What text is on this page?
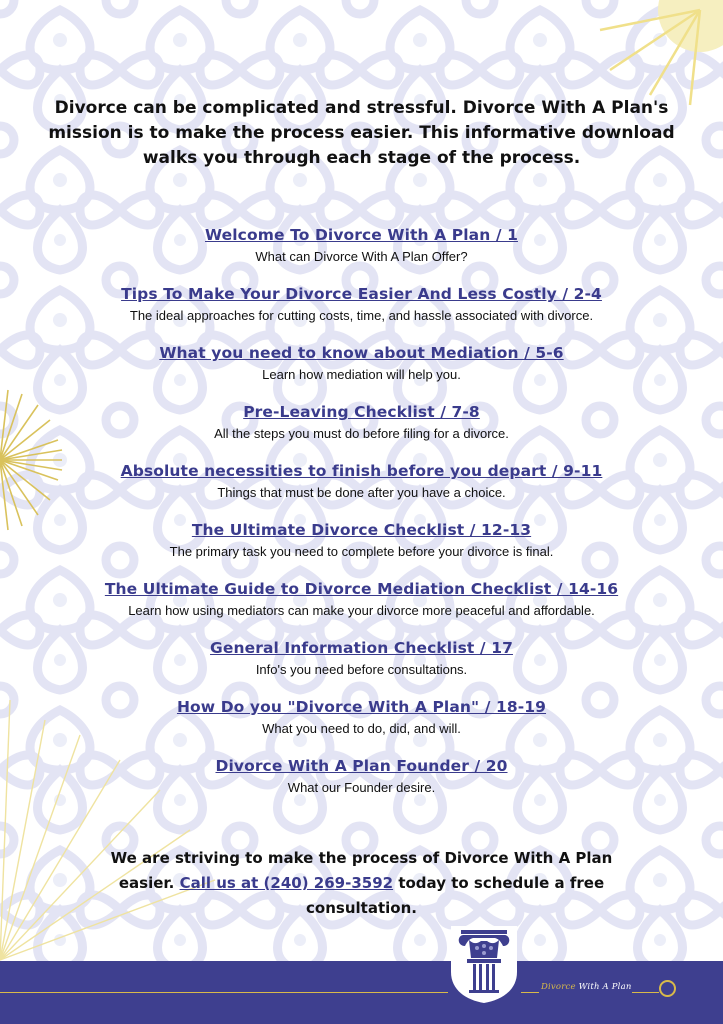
Divorce can be complicated and stressful. Divorce With A Plan's mission is to make the process easier. This informative download walks you through each stage of the process.
Welcome To Divorce With A Plan / 1
What can Divorce With A Plan Offer?
Tips To Make Your Divorce Easier And Less Costly / 2-4
The ideal approaches for cutting costs, time, and hassle associated with divorce.
What you need to know about Mediation / 5-6
Learn how mediation will help you.
Pre-Leaving Checklist / 7-8
All the steps you must do before filing for a divorce.
Absolute necessities to finish before you depart / 9-11
Things that must be done after you have a choice.
The Ultimate Divorce Checklist / 12-13
The primary task you need to complete before your divorce is final.
The Ultimate Guide to Divorce Mediation Checklist / 14-16
Learn how using mediators can make your divorce more peaceful and affordable.
General Information Checklist / 17
Info's you need before consultations.
How Do you "Divorce With A Plan" / 18-19
What you need to do, did, and will.
Divorce With A Plan Founder / 20
What our Founder desire.
We are striving to make the process of Divorce With A Plan easier. Call us at (240) 269-3592 today to schedule a free consultation.
Divorce With A Plan
